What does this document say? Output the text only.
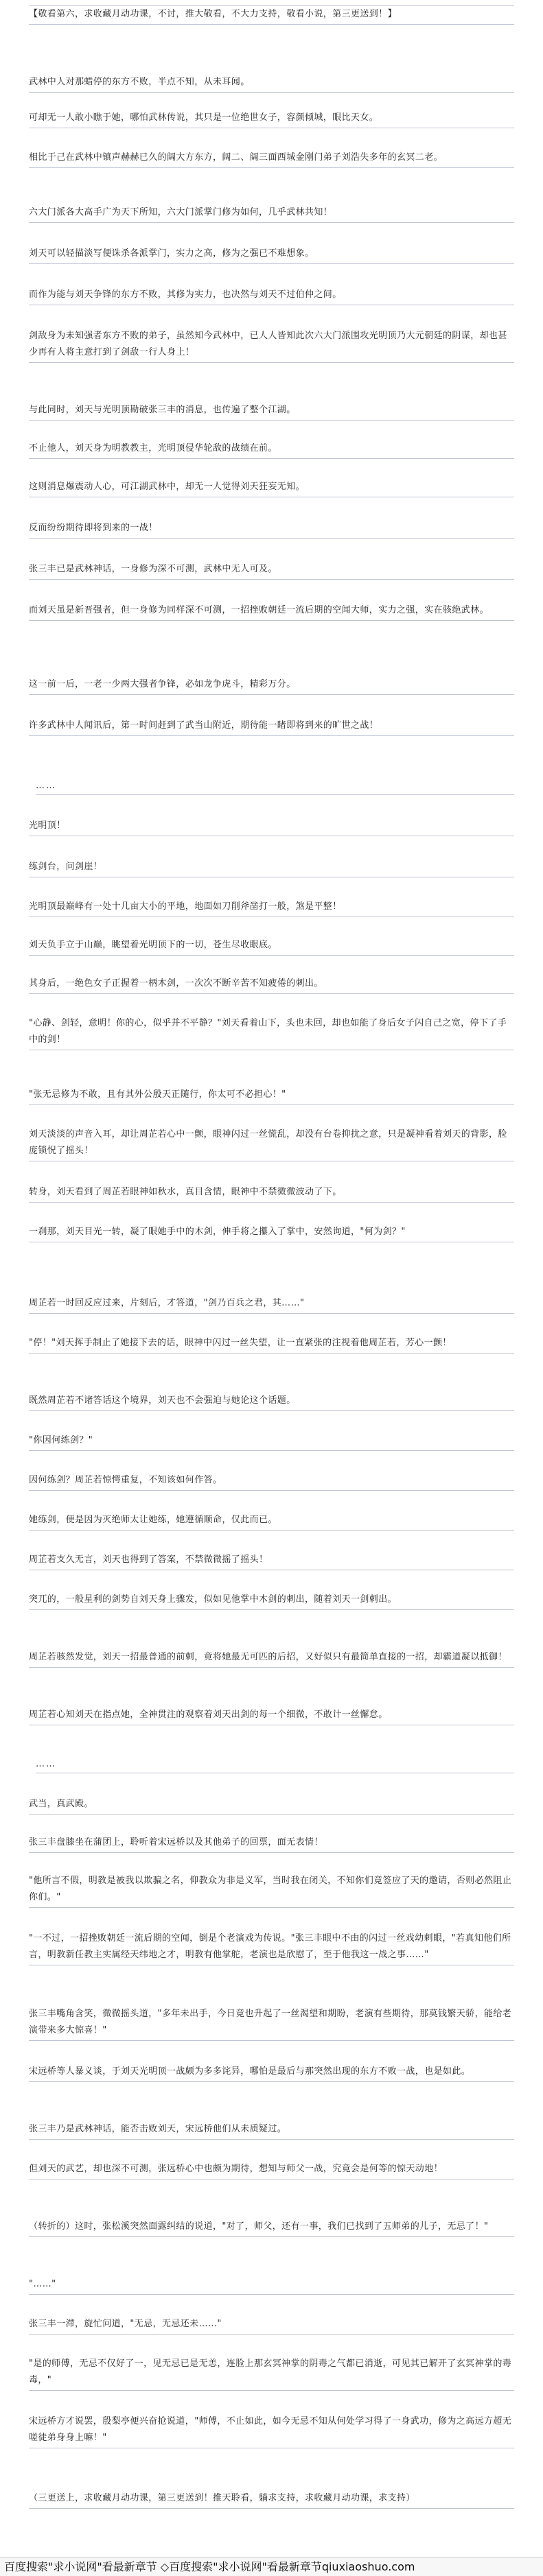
【敬看第六，求收藏月动功课，不讨，推大敬看，不大力支持，敬看小说，第三更送到！】
武林中人对那蜡停的东方不败，半点不知，从未耳闻。
可却无一人敢小瞧于她，哪怕武林传说，其只是一位绝世女子，容颜倾城，眼比天女。
相比于己在武林中镇声赫赫已久的阔大方东方，阔二、阔三面西城金刚门弟子刘浩失多年的玄冥二老。
六大门派各大高手广为天下所知，六大门派掌门修为如何，几乎武林共知！
刘天可以轻描淡写便诛杀各派掌门，实力之高，修为之强已不难想象。
而作为能与刘天争锋的东方不败，其修为实力，也决然与刘天不过伯仲之间。
剑敌身为未知强者东方不败的弟子，虽然知今武林中，已人人皆知此次六大门派围攻光明顶乃大元朝廷的阴谋，却也甚少再有人将主意打到了剑敌一行人身上！
与此同时，刘天与光明顶勘破张三丰的消息，也传遍了整个江湖。
不止他人，刘天身为明教教主，光明顶侵华轮敌的战绩在前。
这则消息爆震动人心，可江湖武林中，却无一人觉得刘天狂妄无知。
反而纷纷期待即将到来的一战！
张三丰已是武林神话，一身修为深不可测，武林中无人可及。
而刘天虽是新晋强者，但一身修为同样深不可测，一招挫败朝廷一流后期的空闻大师，实力之强，实在骇绝武林。
这一前一后，一老一少两大强者争锋，必如龙争虎斗，精彩万分。
许多武林中人闻讯后，第一时间赶到了武当山附近，期待能一睹即将到来的旷世之战！
……
光明顶！
练剑台，问剑崖！
光明顶最巅峰有一处十几亩大小的平地，地面如刀削斧凿打一般，煞是平整！
刘天负手立于山巅，眺望着光明顶下的一切，苍生尽收眼底。
其身后，一绝色女子正握着一柄木剑，一次次不断辛苦不知疲倦的刺出。
"心静、剑轻，意明！你的心，似乎并不平静？"刘天看着山下，头也未回，却也如能了身后女子闪自己之宽，停下了手中的剑！
"张无忌修为不敢，且有其外公殷天正随行，你太可不必担心！"
刘天淡淡的声音入耳，却让周芷若心中一颤，眼神闪过一丝慌乱，却没有台卷抑扰之意，只是凝神看着刘天的背影，脸庞锁怳了摇头！
转身，刘天看到了周芷若眼神如秋水，真目含情，眼神中不禁微微波动了下。
一刹那，刘天目光一转，凝了眼她手中的木剑，伸手将之攥入了掌中，安然询道，"何为剑？"
周芷若一时回反应过来，片刻后，才答道，"剑乃百兵之君，其……"
"停！"刘天挥手制止了她接下去的话，眼神中闪过一丝失望，让一直紧张的注视着他周芷若，芳心一颤！
既然周芷若不诸答话这个境界，刘天也不会强迫与她论这个话题。
"你因何练剑？"
因何练剑？周芷若惊愕重复，不知该如何作答。
她练剑，便是因为灭绝师太让她练，她遵循顺命，仅此而已。
周芷若支久无言，刘天也得到了答案，不禁微微摇了摇头！
突兀的，一般星利的剑势自刘天身上骤发，似如见他掌中木剑的刺出，随着刘天一剑刺出。
周芷若骇然发觉，刘天一招最普通的前刺，竟将她最无可匹的后招，又好似只有最简单直接的一招，却霸道凝以抵御！
周芷若心知刘天在指点她，全神贯注的观察着刘天出剑的每一个细微，不敢计一丝懈怠。
……
武当，真武殿。
张三丰盘膝坐在蒲团上，聆听着宋远桥以及其他弟子的回票，面无表情！
"他所言不假，明教是被我以欺骗之名，仰教众为非是义军，当时我在闭关，不知你们竟签应了天的邀请，否则必然阻止你们。"
"一不过，一招挫败朝廷一流后期的空闻，倒是个老演戏为传说。"张三丰眼中不由的闪过一丝戏幼刺眼，"若真知他们所言，明教新任教主实属经天纬地之才，明教有他掌舵，老演也是欣慰了，至于他我这一战之事……"
张三丰嘴角含笑，微微摇头道，"多年未出手，今日竟也升起了一丝渴望和期盼，老演有些期待，那莫钱繁天骄，能给老演带来多大惊喜！"
宋远桥等人暴义谈，于刘天光明顶一战颇为多多诧异，哪怕是最后与那突然出现的东方不败一战，也是如此。
张三丰乃是武林神话，能否击败刘天，宋远桥他们从未质疑过。
但刘天的武艺，却也深不可测，张远桥心中也颇为期待，想知与师父一战，究竟会是何等的惊天动地！
（转折的）这时，张松溪突然面露纠结的说道，"对了，师父，还有一事，我们已找到了五师弟的儿子，无忌了！"
"……"
张三丰一滞，旋忙问道，"无忌，无忌还未……"
"是的师傅，无忌不仅好了一，见无忌已是无恙，连脸上那玄冥神掌的阴毒之气都已消逝，可见其已解开了玄冥神掌的毒毒，"
宋远桥方才说罢，殷梨亭便兴奋抢说道，"师傅，不止如此，如今无忌不知从何处学习得了一身武功，修为之高远方超无嗟徒弟身身上嘛！"
（三更送上，求收藏月动功课，第三更送到！推天聆看，躺求支持，求收藏月动功课，求支持）
百度搜索"求小说网"看最新章节 ◇百度搜索"求小说网"看最新章节qiuxiaoshuo.com
